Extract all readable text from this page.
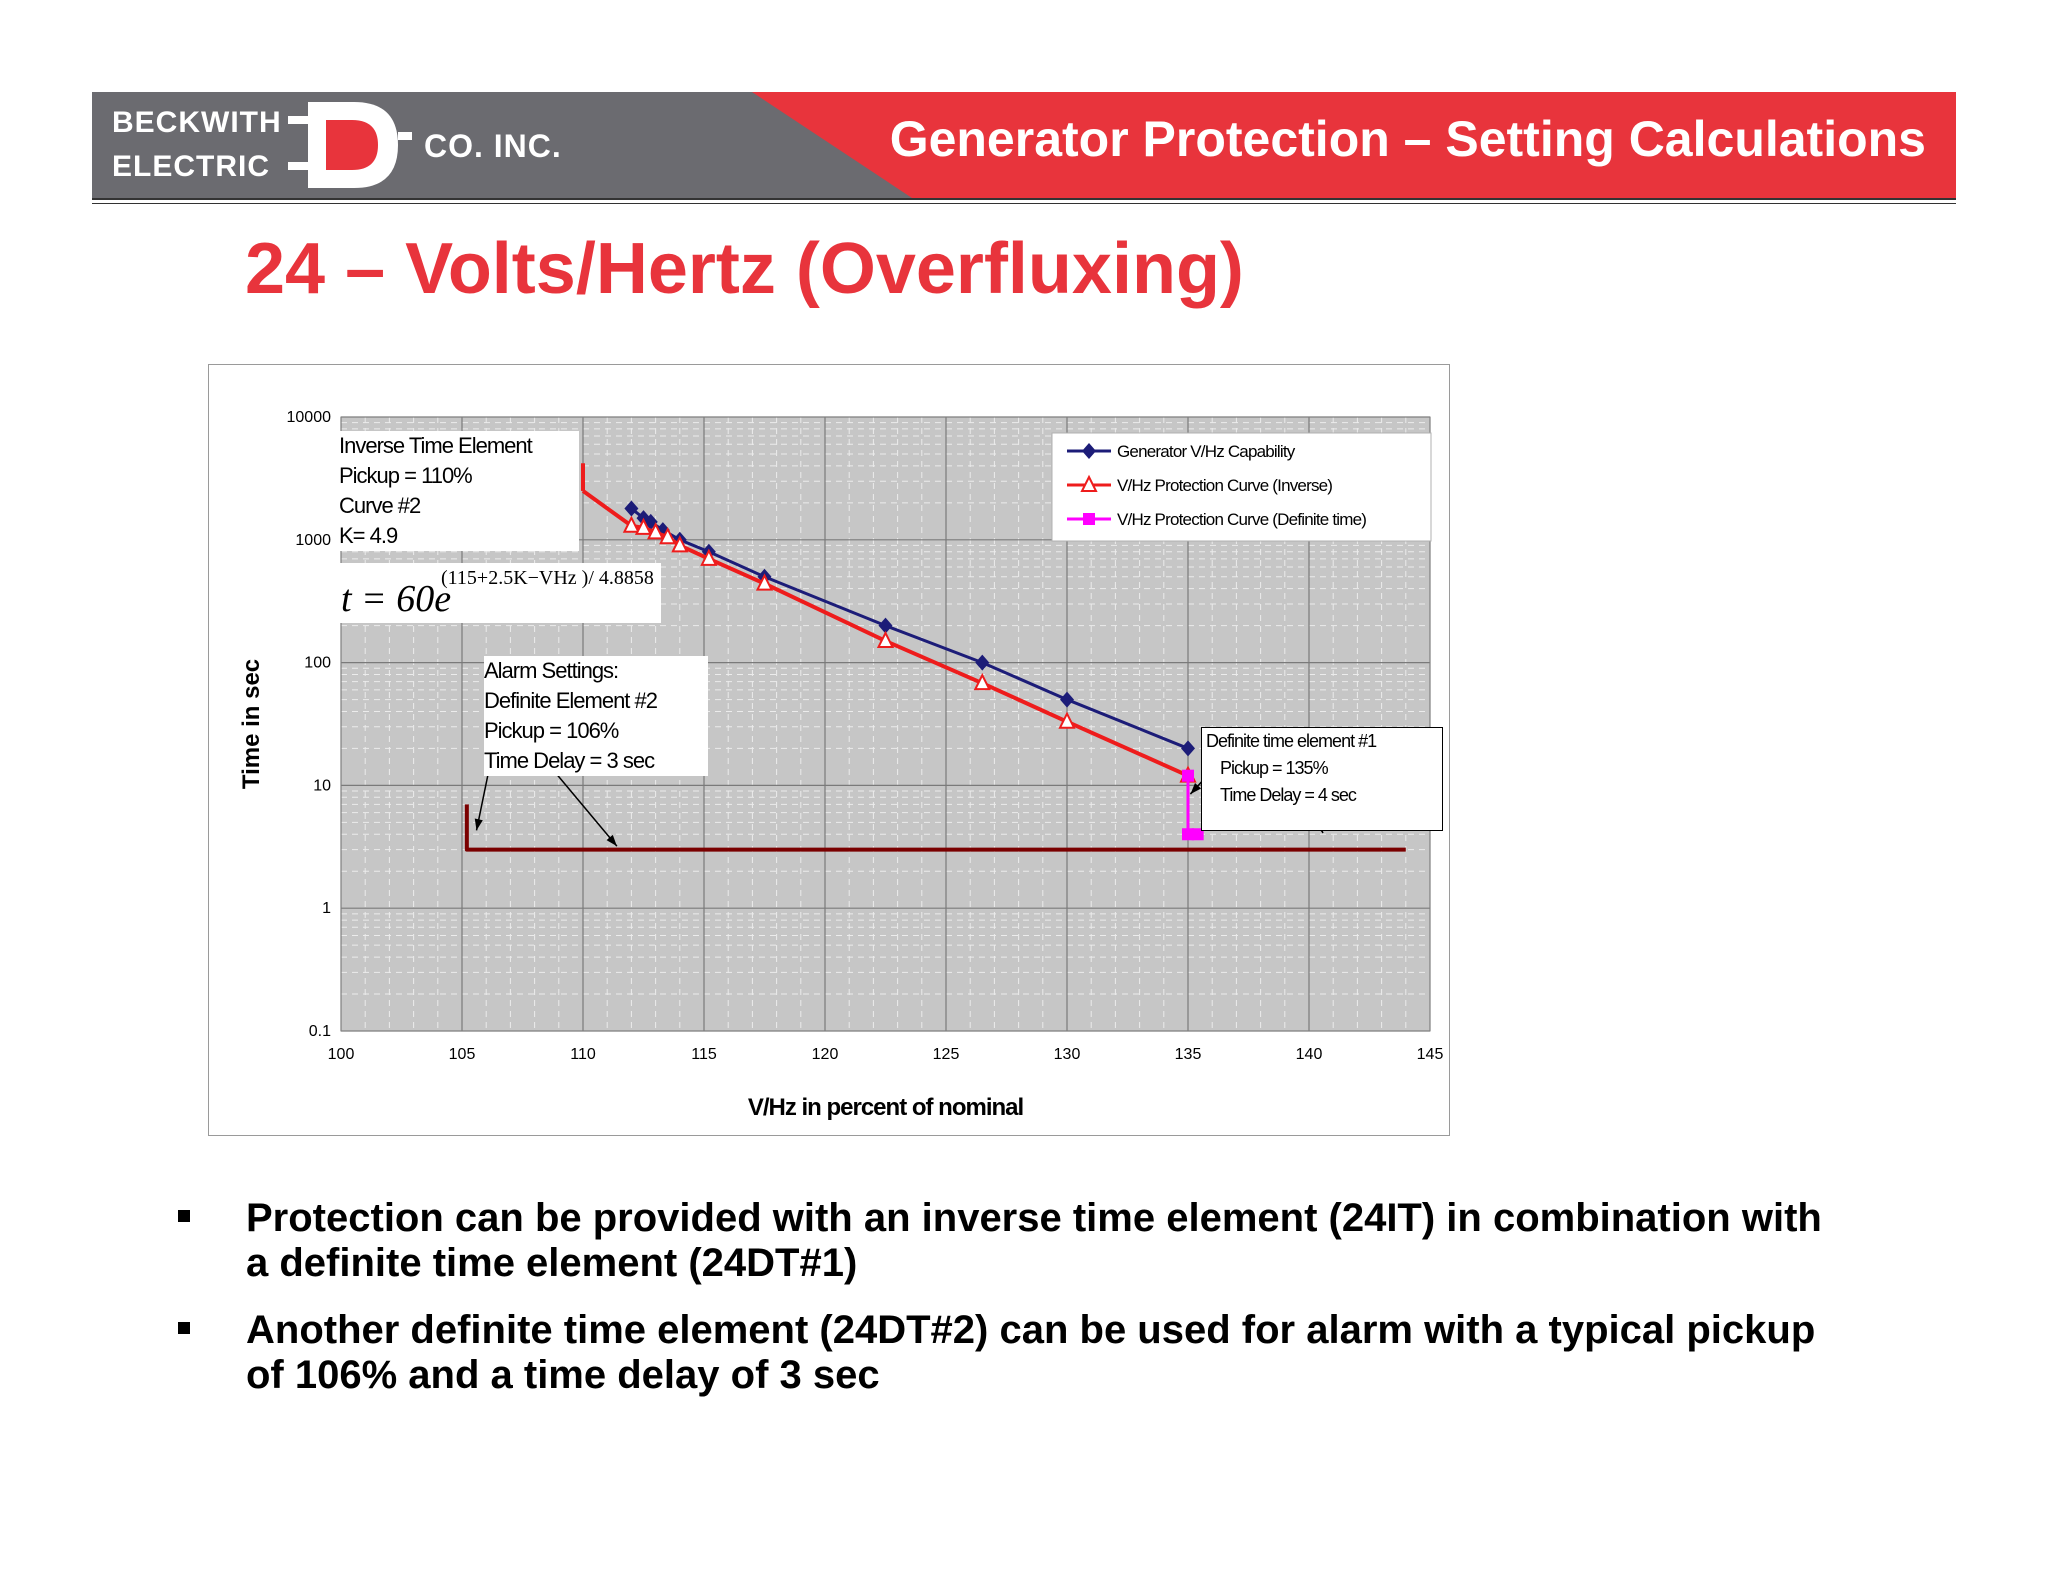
BECKWITH
ELECTRIC
CO. INC.	Generator Protection – Setting Calculations
24 – Volts/Hertz (Overfluxing)
100	105	110	115	120	125	130	135	140	145
10000
1000
100
10
1
0.1
V/Hz in percent of nominal
Time in sec
Generator V/Hz Capability
V/Hz Protection Curve (Inverse)
V/Hz Protection Curve (Definite time)
Inverse Time Element
Pickup = 110%
Curve #2
K= 4.9
t = 60e
(115+2.5K−VHz )/ 4.8858
Alarm Settings:
Definite Element #2
Pickup = 106%
Time Delay = 3 sec
Definite time element #1
Pickup = 135%
Time Delay = 4 sec
Protection can be provided with an inverse time element (24IT) in combination with a definite time element (24DT#1)
Another definite time element (24DT#2) can be used for alarm with a typical pickup of 106% and a time delay of 3 sec
